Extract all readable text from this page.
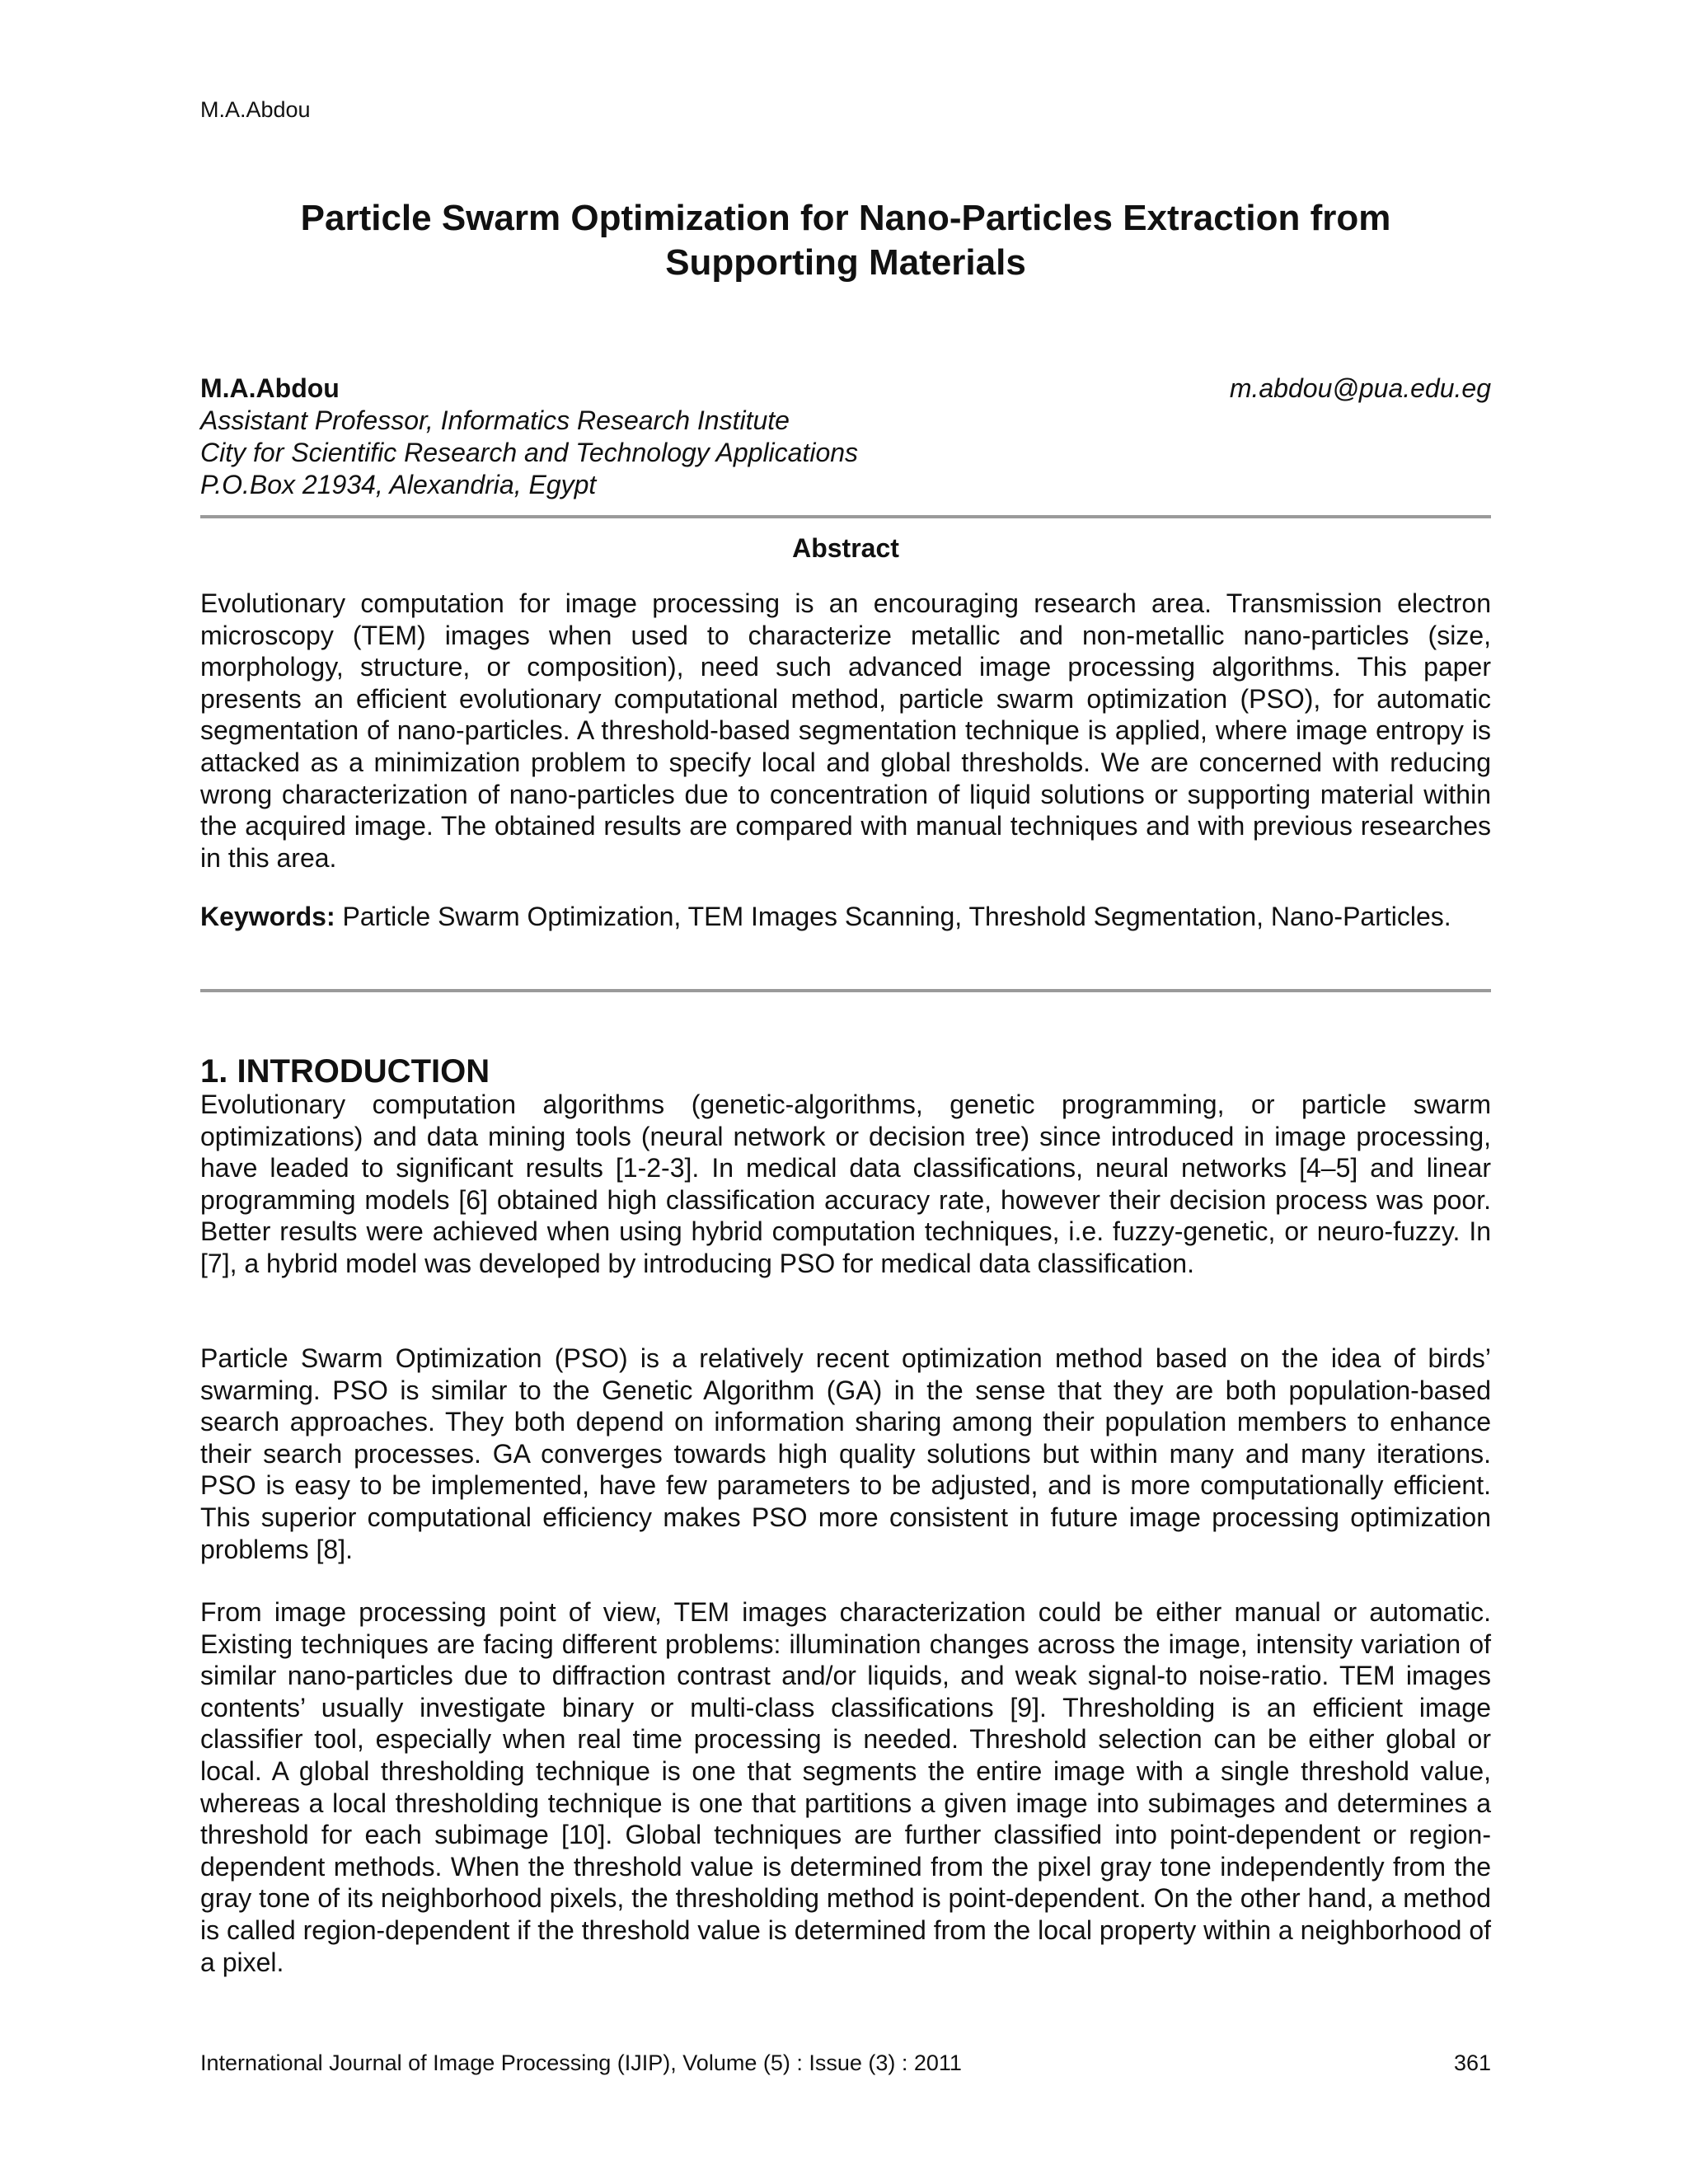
M.A.Abdou
Particle Swarm Optimization for Nano-Particles Extraction from Supporting Materials
M.A.Abdou	m.abdou@pua.edu.eg
Assistant Professor, Informatics Research Institute
City for Scientific Research and Technology Applications
P.O.Box 21934, Alexandria, Egypt
Abstract

Evolutionary computation for image processing is an encouraging research area. Transmission electron microscopy (TEM) images when used to characterize metallic and non-metallic nano-particles (size, morphology, structure, or composition), need such advanced image processing algorithms. This paper presents an efficient evolutionary computational method, particle swarm optimization (PSO), for automatic segmentation of nano-particles. A threshold-based segmentation technique is applied, where image entropy is attacked as a minimization problem to specify local and global thresholds. We are concerned with reducing wrong characterization of nano-particles due to concentration of liquid solutions or supporting material within the acquired image. The obtained results are compared with manual techniques and with previous researches in this area.

Keywords: Particle Swarm Optimization, TEM Images Scanning, Threshold Segmentation, Nano-Particles.

1. INTRODUCTION

Evolutionary computation algorithms (genetic-algorithms, genetic programming, or particle swarm optimizations) and data mining tools (neural network or decision tree) since introduced in image processing, have leaded to significant results [1-2-3]. In medical data classifications, neural networks [4–5] and linear programming models [6] obtained high classification accuracy rate, however their decision process was poor. Better results were achieved when using hybrid computation techniques, i.e. fuzzy-genetic, or neuro-fuzzy. In [7], a hybrid model was developed by introducing PSO for medical data classification.

Particle Swarm Optimization (PSO) is a relatively recent optimization method based on the idea of birds’ swarming. PSO is similar to the Genetic Algorithm (GA) in the sense that they are both population-based search approaches. They both depend on information sharing among their population members to enhance their search processes. GA converges towards high quality solutions but within many and many iterations. PSO is easy to be implemented, have few parameters to be adjusted, and is more computationally efficient. This superior computational efficiency makes PSO more consistent in future image processing optimization problems [8].

From image processing point of view, TEM images characterization could be either manual or automatic. Existing techniques are facing different problems: illumination changes across the image, intensity variation of similar nano-particles due to diffraction contrast and/or liquids, and weak signal-to noise-ratio. TEM images contents’ usually investigate binary or multi-class classifications [9]. Thresholding is an efficient image classifier tool, especially when real time processing is needed. Threshold selection can be either global or local. A global thresholding technique is one that segments the entire image with a single threshold value, whereas a local thresholding technique is one that partitions a given image into subimages and determines a threshold for each subimage [10]. Global techniques are further classified into point-dependent or region-dependent methods. When the threshold value is determined from the pixel gray tone independently from the gray tone of its neighborhood pixels, the thresholding method is point-dependent. On the other hand, a method is called region-dependent if the threshold value is determined from the local property within a neighborhood of a pixel.

International Journal of Image Processing (IJIP), Volume (5) : Issue (3) : 2011	361
